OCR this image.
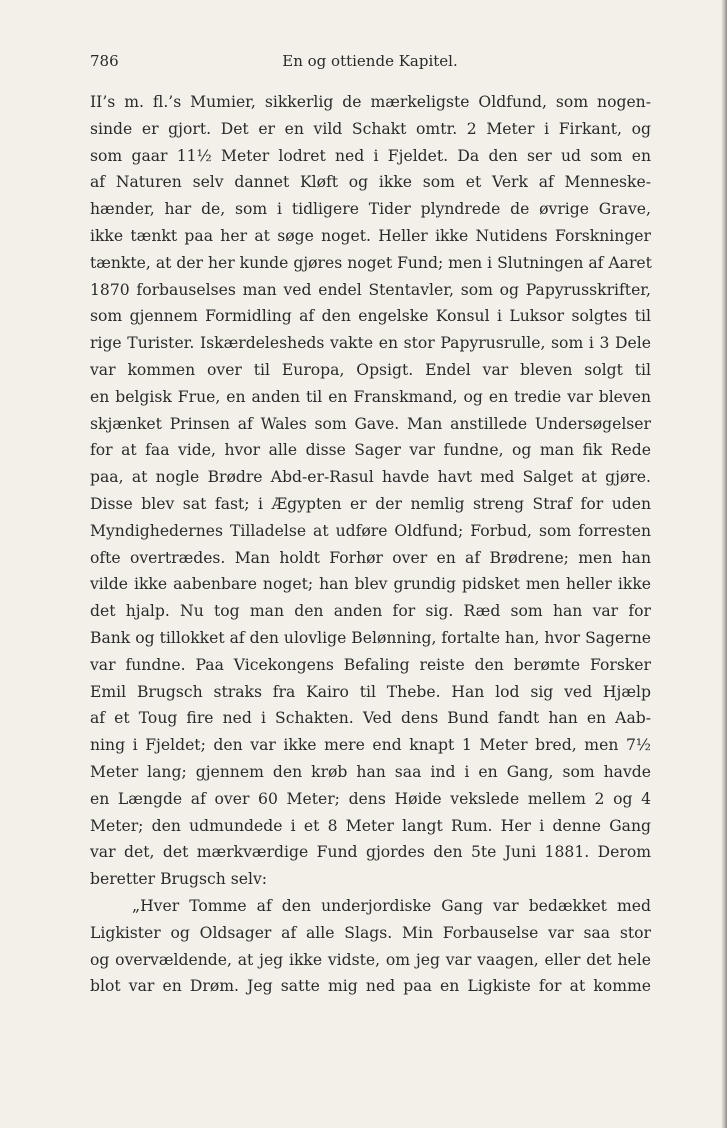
786	En og ottiende Kapitel.
II’s m. fl.’s Mumier, sikkerlig de mærkeligste Oldfund, som nogen-
sinde er gjort. Det er en vild Schakt omtr. 2 Meter i Firkant, og
som gaar 11½ Meter lodret ned i Fjeldet. Da den ser ud som en
af Naturen selv dannet Kløft og ikke som et Verk af Menneske-
hænder, har de, som i tidligere Tider plyndrede de øvrige Grave,
ikke tænkt paa her at søge noget. Heller ikke Nutidens Forskninger
tænkte, at der her kunde gjøres noget Fund; men i Slutningen af Aaret
1870 forbauselses man ved endel Stentavler, som og Papyrusskrifter,
som gjennem Formidling af den engelske Konsul i Luksor solgtes til
rige Turister. Iskærdelesheds vakte en stor Papyrusrulle, som i 3 Dele
var kommen over til Europa, Opsigt. Endel var bleven solgt til
en belgisk Frue, en anden til en Franskmand, og en tredie var bleven
skjænket Prinsen af Wales som Gave. Man anstillede Undersøgelser
for at faa vide, hvor alle disse Sager var fundne, og man fik Rede
paa, at nogle Brødre Abd-er-Rasul havde havt med Salget at gjøre.
Disse blev sat fast; i Ægypten er der nemlig streng Straf for uden
Myndighedernes Tilladelse at udføre Oldfund; Forbud, som forresten
ofte overtrædes. Man holdt Forhør over en af Brødrene; men han
vilde ikke aabenbare noget; han blev grundig pidsket men heller ikke
det hjalp. Nu tog man den anden for sig. Ræd som han var for
Bank og tillokket af den ulovlige Belønning, fortalte han, hvor Sagerne
var fundne. Paa Vicekongens Befaling reiste den berømte Forsker
Emil Brugsch straks fra Kairo til Thebe. Han lod sig ved Hjælp
af et Toug fire ned i Schakten. Ved dens Bund fandt han en Aab-
ning i Fjeldet; den var ikke mere end knapt 1 Meter bred, men 7½
Meter lang; gjennem den krøb han saa ind i en Gang, som havde
en Længde af over 60 Meter; dens Høide vekslede mellem 2 og 4
Meter; den udmundede i et 8 Meter langt Rum. Her i denne Gang
var det, det mærkværdige Fund gjordes den 5te Juni 1881. Derom
beretter Brugsch selv:
„Hver Tomme af den underjordiske Gang var bedækket med
Ligkister og Oldsager af alle Slags. Min Forbauselse var saa stor
og overvældende, at jeg ikke vidste, om jeg var vaagen, eller det hele
blot var en Drøm. Jeg satte mig ned paa en Ligkiste for at komme
